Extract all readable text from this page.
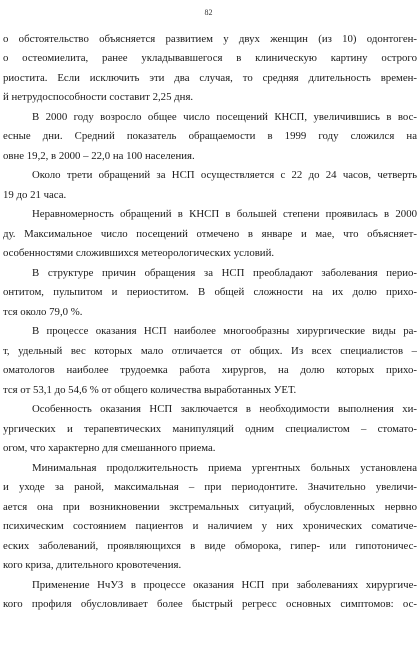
82
о обстоятельство объясняется развитием у двух женщин (из 10) одонтоген-
о остеомиелита, ранее укладывавшегося в клиническую картину острого
риостита. Если исключить эти два случая, то средняя длительность времен-
й нетрудоспособности составит 2,25 дня.
В 2000 году возросло общее число посещений КНСП, увеличившись в вос-
есные дни. Средний показатель обращаемости в 1999 году сложился на
овне 19,2, в 2000 – 22,0 на 100 населения.
Около трети обращений за НСП осуществляется с 22 до 24 часов, четверть
19 до 21 часа.
Неравномерность обращений в КНСП в большей степени проявилась в 2000
ду. Максимальное число посещений отмечено в январе и мае, что объясняет-
особенностями сложившихся метеорологических условий.
В структуре причин обращения за НСП преобладают заболевания перио-
онтитом, пульпитом и периоститом. В общей сложности на их долю прихо-
тся около 79,0 %.
В процессе оказания НСП наиболее многообразны хирургические виды ра-
т, удельный вес которых мало отличается от общих. Из всех специалистов –
оматологов наиболее трудоемка работа хирургов, на долю которых прихо-
тся от 53,1 до 54,6 % от общего количества выработанных УЕТ.
Особенность оказания НСП заключается в необходимости выполнения хи-
ургических и терапевтических манипуляций одним специалистом – стомато-
огом, что характерно для смешанного приема.
Минимальная продолжительность приема ургентных больных установлена
и уходе за раной, максимальная – при периодонтите. Значительно увеличи-
ается она при возникновении экстремальных ситуаций, обусловленных нервно
психическим состоянием пациентов и наличием у них хронических соматиче-
еских заболеваний, проявляющихся в виде обморока, гипер- или гипотоничес-
кого криза, длительного кровотечения.
Применение НчУЗ в процессе оказания НСП при заболеваниях хирургиче-
кого профиля обусловливает более быстрый регресс основных симптомов: ос-
